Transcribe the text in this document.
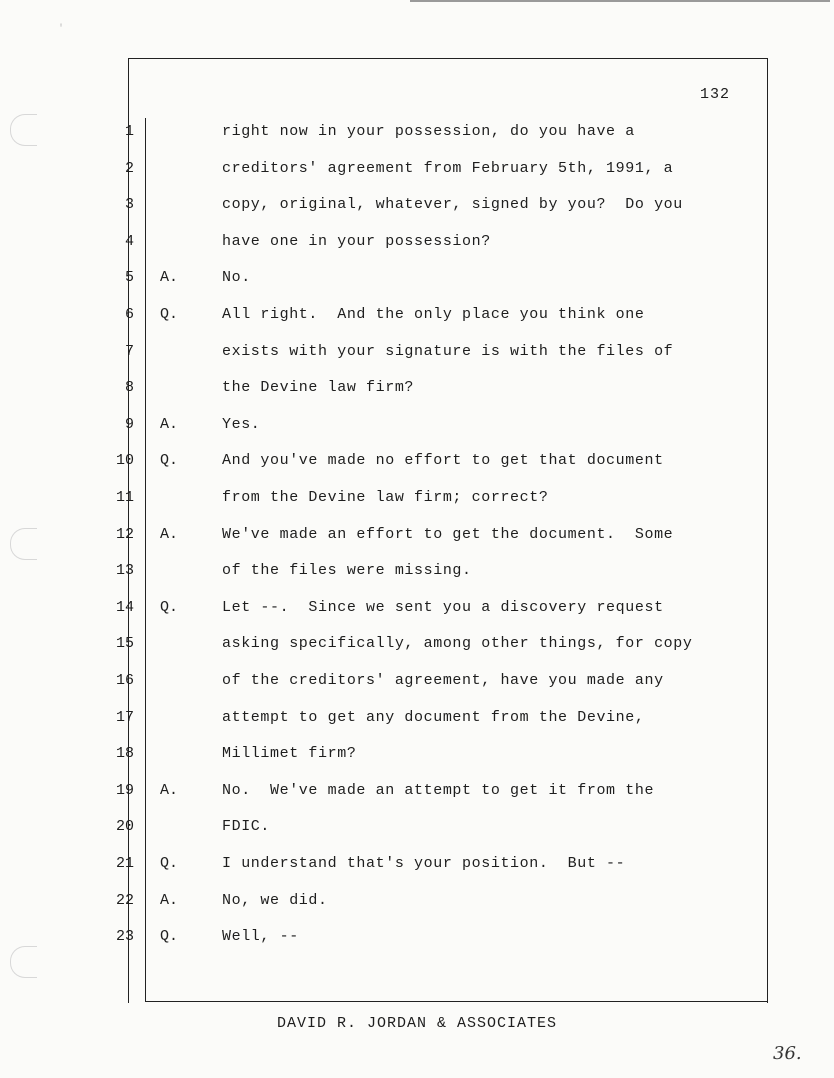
'
132
1	right now in your possession, do you have a
2	creditors' agreement from February 5th, 1991, a
3	copy, original, whatever, signed by you?  Do you
4	have one in your possession?
5 A.	No.
6 Q.	All right.  And the only place you think one
7	exists with your signature is with the files of
8	the Devine law firm?
9 A.	Yes.
10 Q.	And you've made no effort to get that document
11	from the Devine law firm; correct?
12 A.	We've made an effort to get the document.  Some
13	of the files were missing.
14 Q.	Let --.  Since we sent you a discovery request
15	asking specifically, among other things, for copy
16	of the creditors' agreement, have you made any
17	attempt to get any document from the Devine,
18	Millimet firm?
19 A.	No.  We've made an attempt to get it from the
20	FDIC.
21 Q.	I understand that's your position.  But --
22 A.	No, we did.
23 Q.	Well, --
DAVID R. JORDAN & ASSOCIATES
36.
